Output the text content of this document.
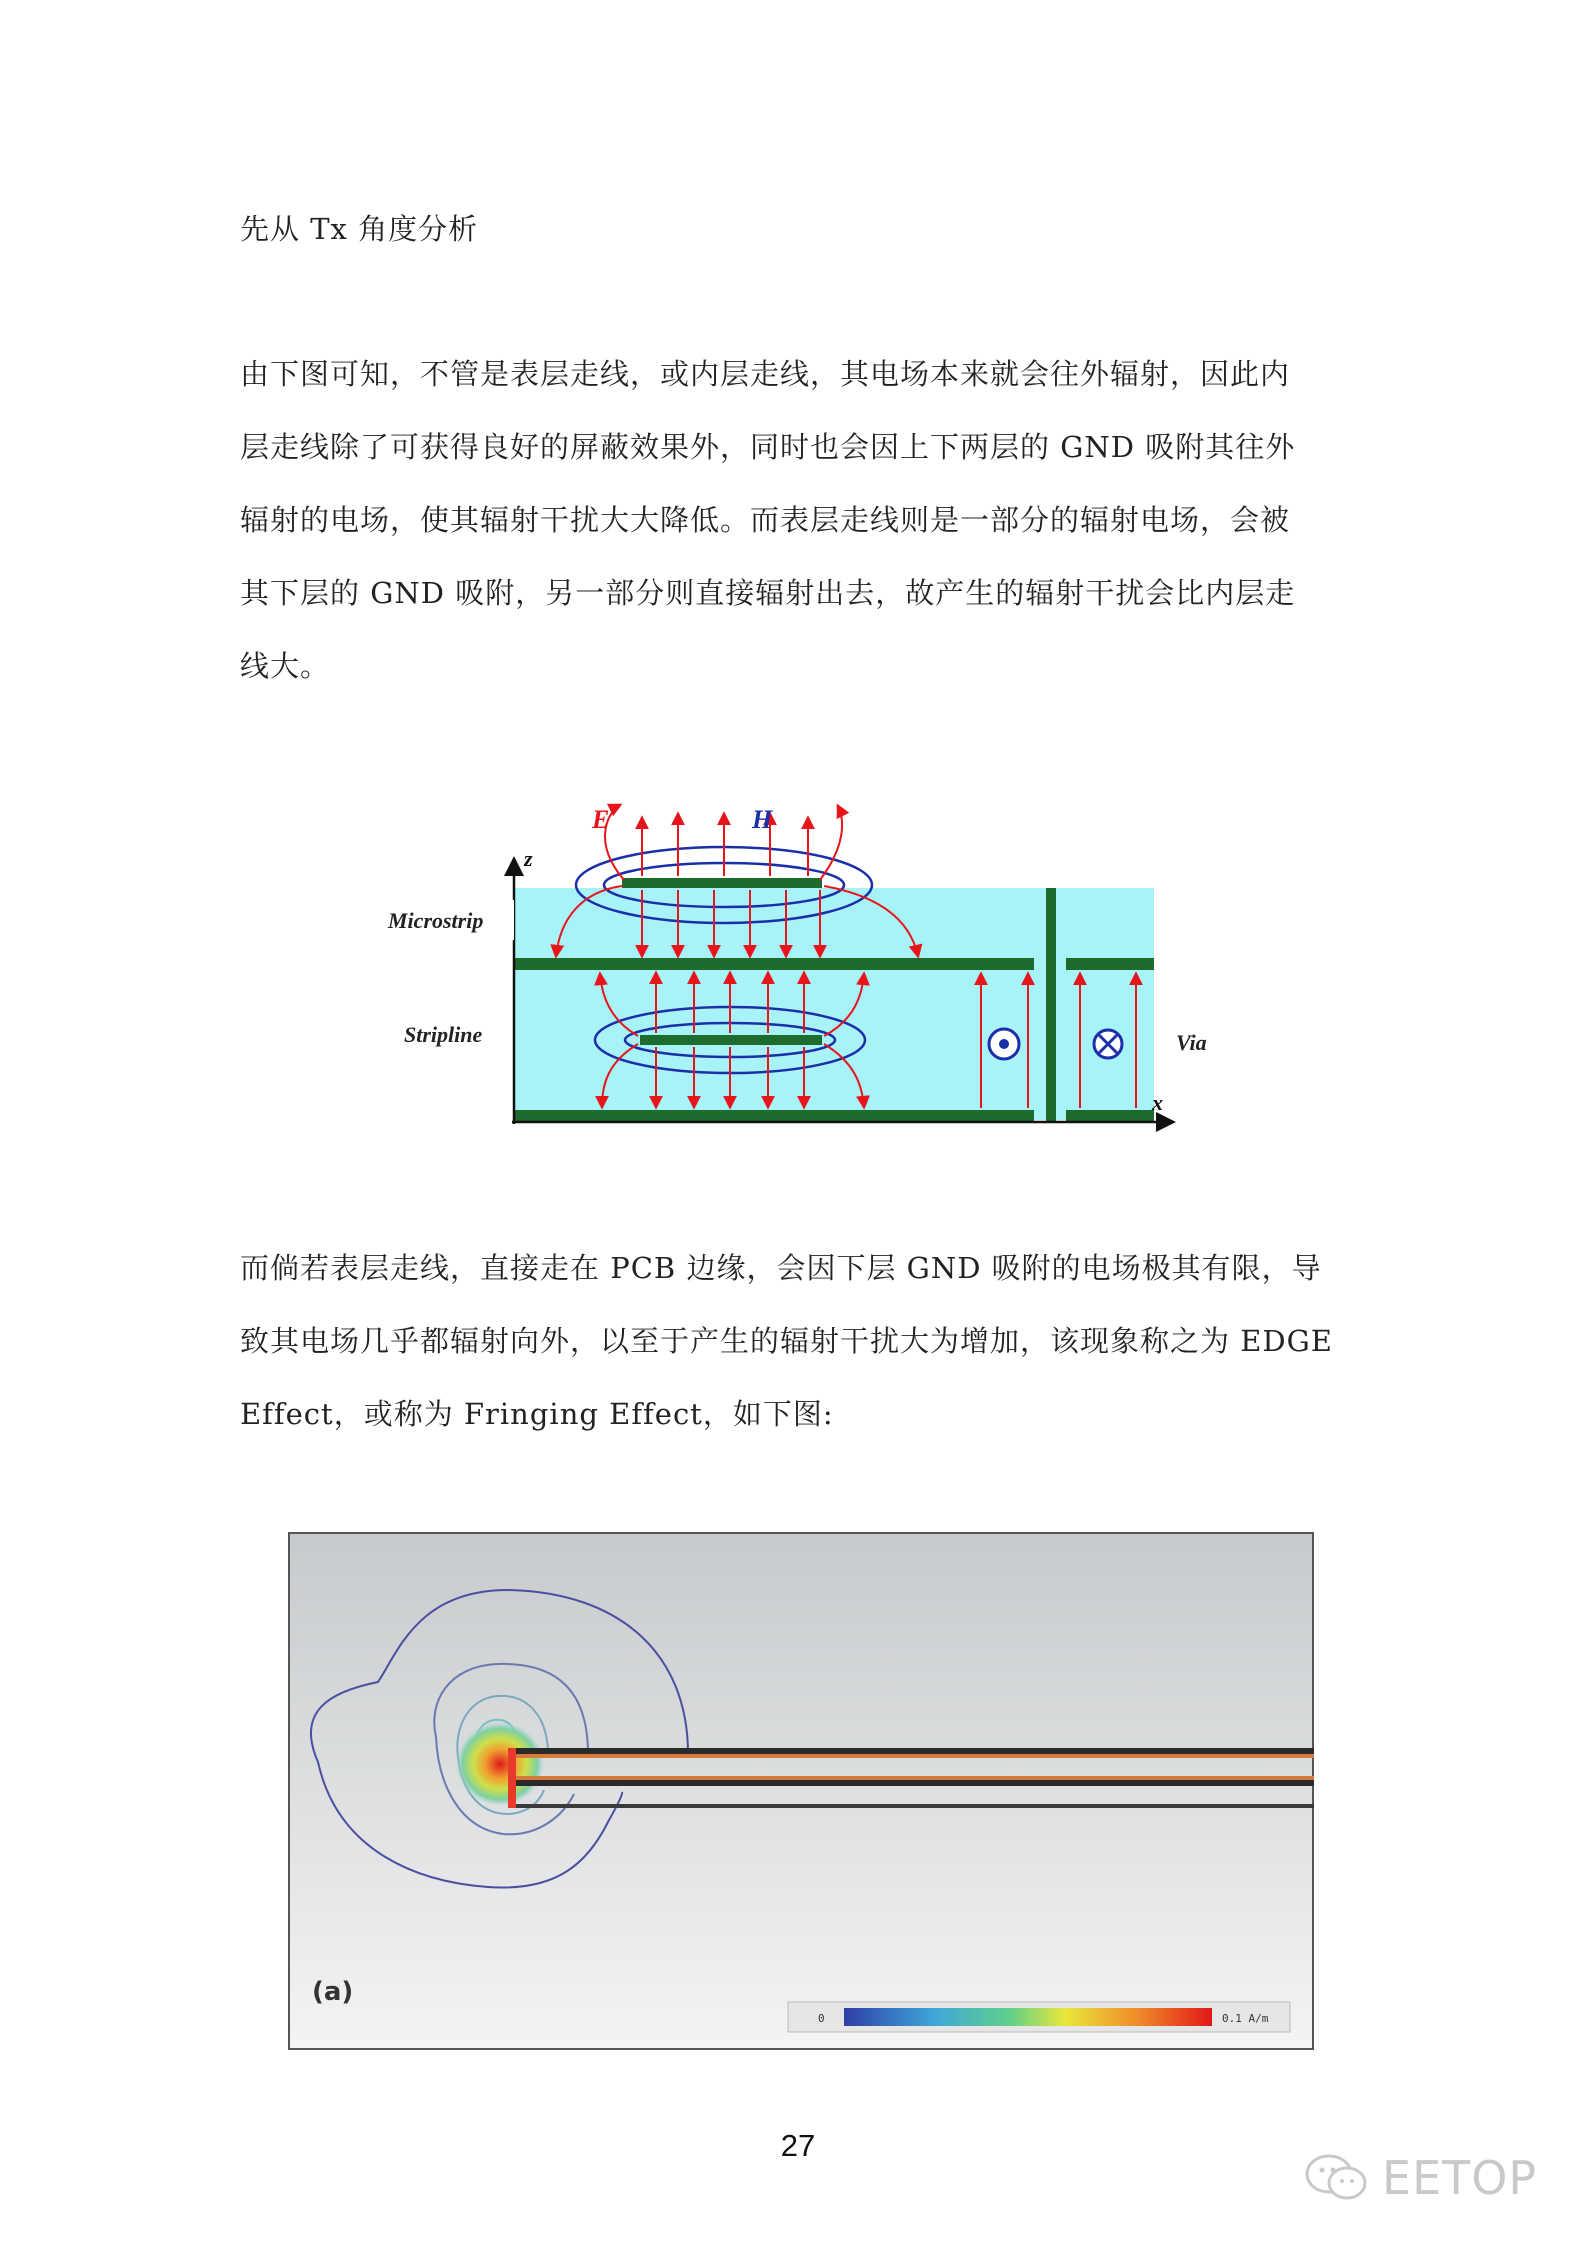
先从 Tx 角度分析

由下图可知，不管是表层走线，或内层走线，其电场本来就会往外辐射，因此内
层走线除了可获得良好的屏蔽效果外，同时也会因上下两层的 GND 吸附其往外
辐射的电场，使其辐射干扰大大降低。而表层走线则是一部分的辐射电场，会被
其下层的 GND 吸附，另一部分则直接辐射出去，故产生的辐射干扰会比内层走
线大。

E	H
z
x
Microstrip
Stripline	Via

而倘若表层走线，直接走在 PCB 边缘，会因下层 GND 吸附的电场极其有限，导
致其电场几乎都辐射向外，以至于产生的辐射干扰大为增加，该现象称之为 EDGE
Effect，或称为 Fringing Effect，如下图:

0	0.1 A/m
(a)
27
EETOP
